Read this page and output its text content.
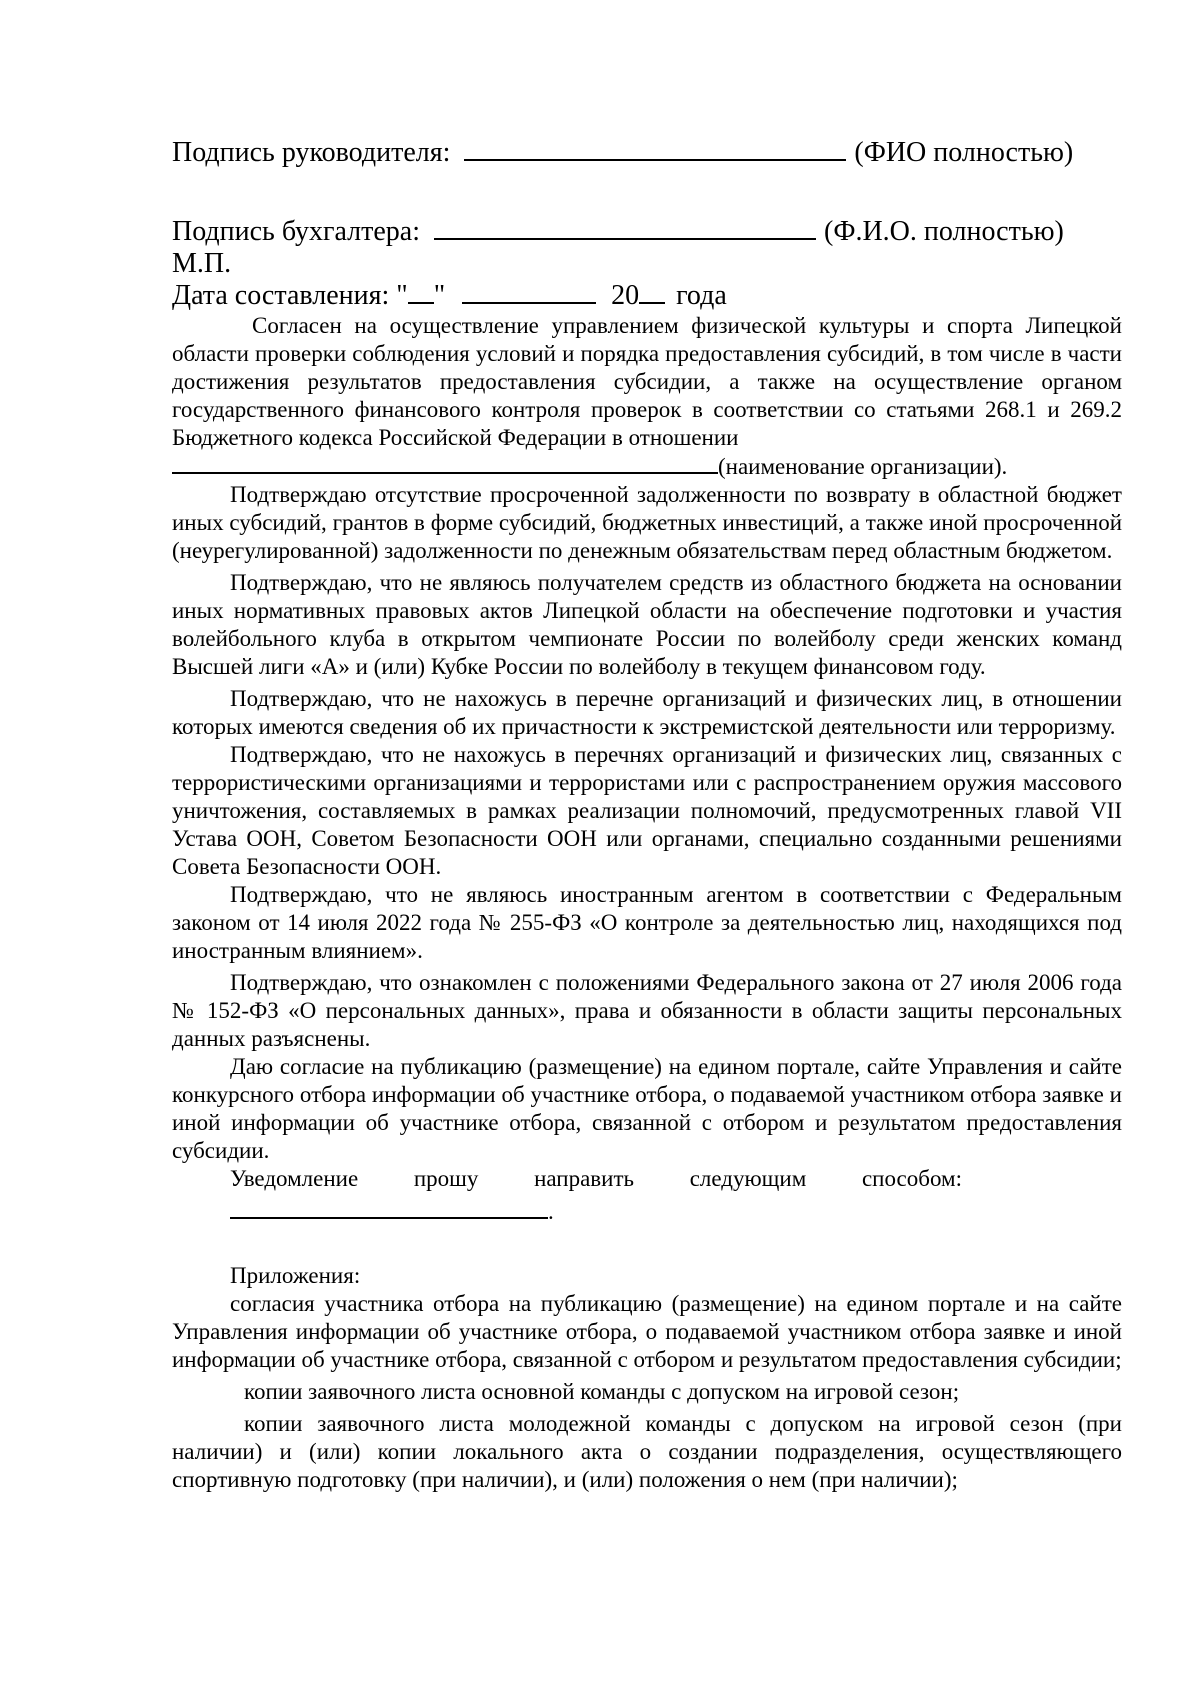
Подпись руководителя:	(ФИО полностью)
Подпись бухгалтера:	(Ф.И.О. полностью)
М.П.
Дата составления: " "	20 года

Согласен на осуществление управлением физической культуры и спорта Липецкой области проверки соблюдения условий и порядка предоставления субсидий, в том числе в части достижения результатов предоставления субсидии, а также на осуществление органом государственного финансового контроля проверок в соответствии со статьями 268.1 и 269.2 Бюджетного кодекса Российской Федерации в отношении

(наименование организации).

Подтверждаю отсутствие просроченной задолженности по возврату в областной бюджет иных субсидий, грантов в форме субсидий, бюджетных инвестиций, а также иной просроченной (неурегулированной) задолженности по денежным обязательствам перед областным бюджетом.

Подтверждаю, что не являюсь получателем средств из областного бюджета на основании иных нормативных правовых актов Липецкой области на обеспечение подготовки и участия волейбольного клуба в открытом чемпионате России по волейболу среди женских команд Высшей лиги «А» и (или) Кубке России по волейболу в текущем финансовом году.

Подтверждаю, что не нахожусь в перечне организаций и физических лиц, в отношении которых имеются сведения об их причастности к экстремистской деятельности или терроризму.

Подтверждаю, что не нахожусь в перечнях организаций и физических лиц, связанных с террористическими организациями и террористами или с распространением оружия массового уничтожения, составляемых в рамках реализации полномочий, предусмотренных главой VII Устава ООН, Советом Безопасности ООН или органами, специально созданными решениями Совета Безопасности ООН.

Подтверждаю, что не являюсь иностранным агентом в соответствии с Федеральным законом от 14 июля 2022 года № 255-ФЗ «О контроле за деятельностью лиц, находящихся под иностранным влиянием».

Подтверждаю, что ознакомлен с положениями Федерального закона от 27 июля 2006 года № 152-ФЗ «О персональных данных», права и обязанности в области защиты персональных данных разъяснены.

Даю согласие на публикацию (размещение) на едином портале, сайте Управления и сайте конкурсного отбора информации об участнике отбора, о подаваемой участником отбора заявке и иной информации об участнике отбора, связанной с отбором и результатом предоставления субсидии.

Уведомление прошу направить следующим способом:
.

Приложения:

согласия участника отбора на публикацию (размещение) на едином портале и на сайте Управления информации об участнике отбора, о подаваемой участником отбора заявке и иной информации об участнике отбора, связанной с отбором и результатом предоставления субсидии;

копии заявочного листа основной команды с допуском на игровой сезон;

копии заявочного листа молодежной команды с допуском на игровой сезон (при наличии) и (или) копии локального акта о создании подразделения, осуществляющего спортивную подготовку (при наличии), и (или) положения о нем (при наличии);
